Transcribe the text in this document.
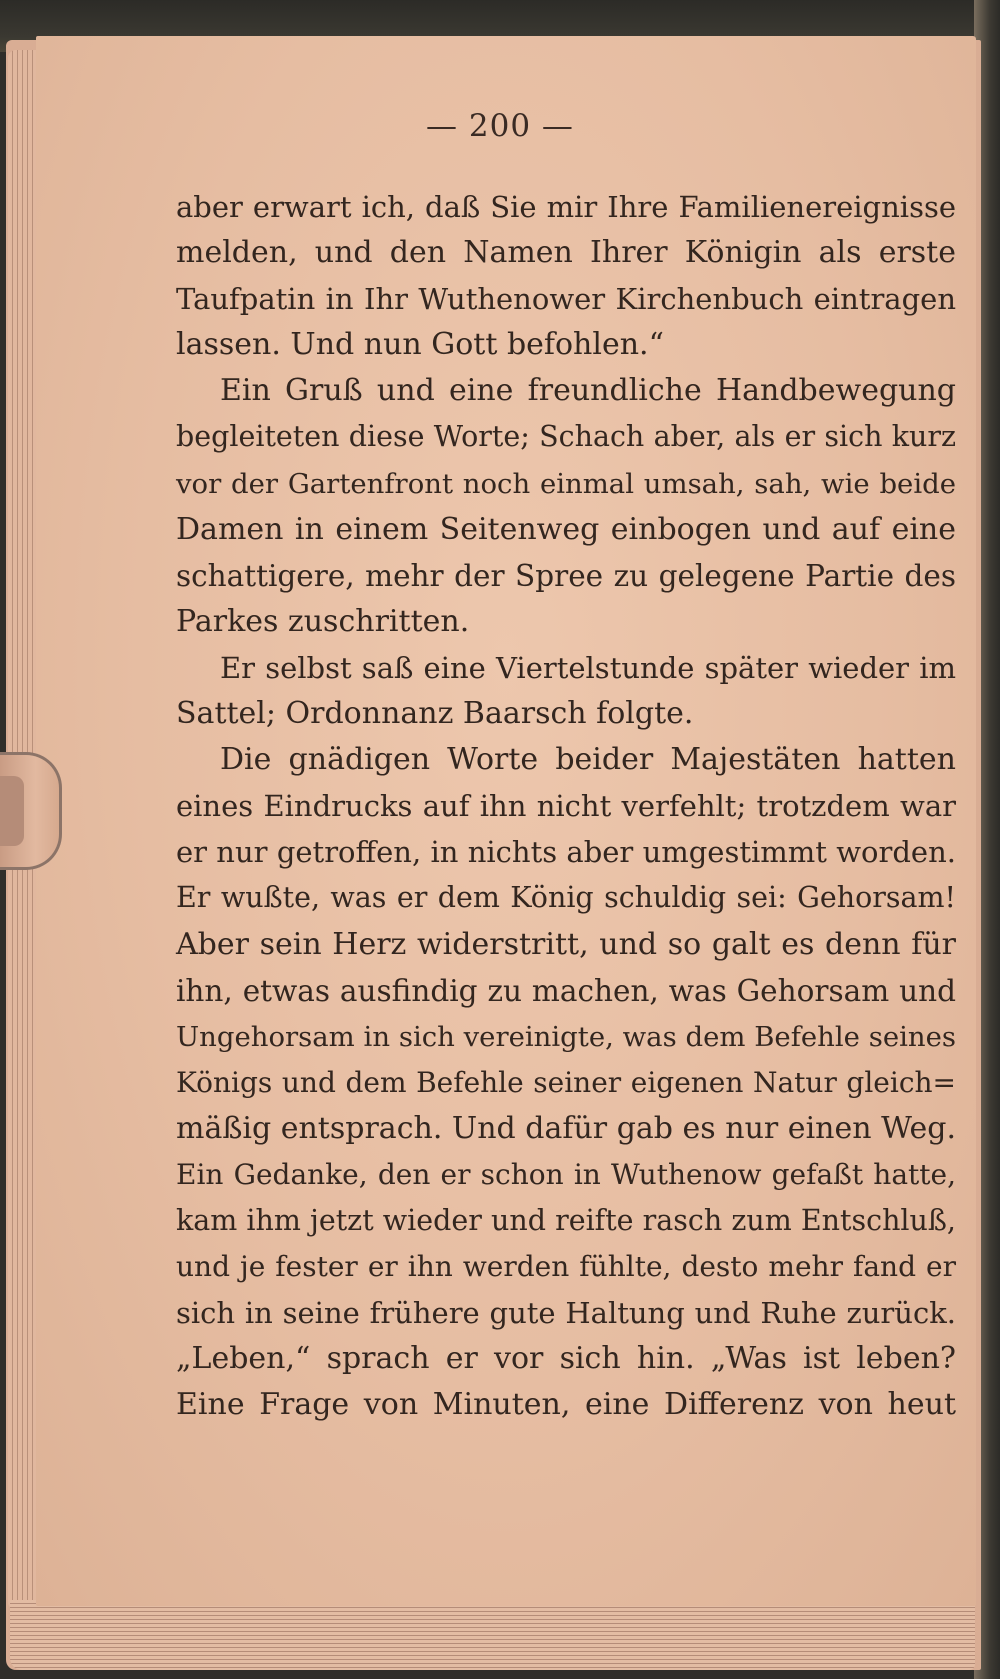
— 200 —
aber erwart ich, daß Sie mir Ihre Familienereignisse
melden, und den Namen Ihrer Königin als erste
Taufpatin in Ihr Wuthenower Kirchenbuch eintragen
lassen. Und nun Gott befohlen.“
Ein Gruß und eine freundliche Handbewegung
begleiteten diese Worte; Schach aber, als er sich kurz
vor der Gartenfront noch einmal umsah, sah, wie beide
Damen in einem Seitenweg einbogen und auf eine
schattigere, mehr der Spree zu gelegene Partie des
Parkes zuschritten.
Er selbst saß eine Viertelstunde später wieder im
Sattel; Ordonnanz Baarsch folgte.
Die gnädigen Worte beider Majestäten hatten
eines Eindrucks auf ihn nicht verfehlt; trotzdem war
er nur getroffen, in nichts aber umgestimmt worden.
Er wußte, was er dem König schuldig sei: Gehorsam!
Aber sein Herz widerstritt, und so galt es denn für
ihn, etwas ausfindig zu machen, was Gehorsam und
Ungehorsam in sich vereinigte, was dem Befehle seines
Königs und dem Befehle seiner eigenen Natur gleich=
mäßig entsprach. Und dafür gab es nur einen Weg.
Ein Gedanke, den er schon in Wuthenow gefaßt hatte,
kam ihm jetzt wieder und reifte rasch zum Entschluß,
und je fester er ihn werden fühlte, desto mehr fand er
sich in seine frühere gute Haltung und Ruhe zurück.
„Leben,“ sprach er vor sich hin. „Was ist leben?
Eine Frage von Minuten, eine Differenz von heut
